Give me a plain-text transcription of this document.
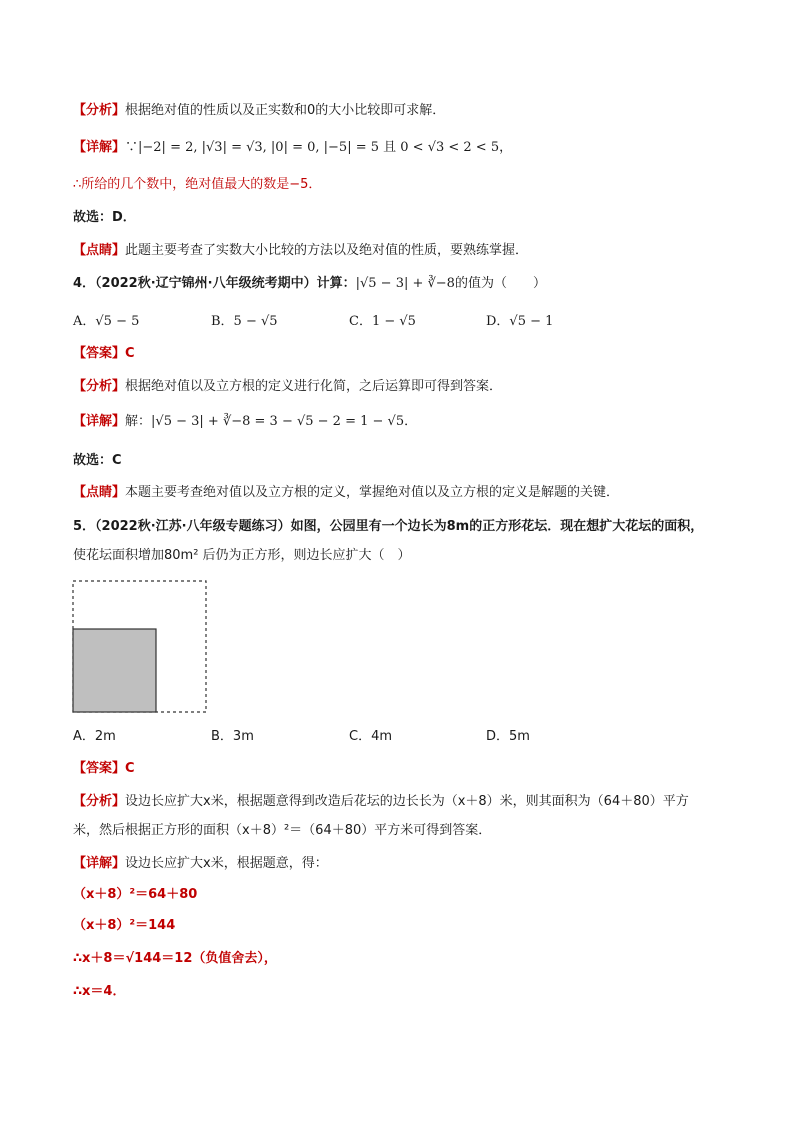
【分析】根据绝对值的性质以及正实数和0的大小比较即可求解．
【详解】∵|−2| = 2, |√3| = √3, |0| = 0, |−5| = 5 且 0 < √3 < 2 < 5，
∴所给的几个数中，绝对值最大的数是−5．
故选：D．
【点睛】此题主要考查了实数大小比较的方法以及绝对值的性质，要熟练掌握．
4．（2022秋·辽宁锦州·八年级统考期中）计算：|√5 − 3| + ∛−8的值为（　　）
A．√5 − 5	B．5 − √5	C．1 − √5	D．√5 − 1
【答案】C
【分析】根据绝对值以及立方根的定义进行化简，之后运算即可得到答案．
【详解】解：|√5 − 3| + ∛−8 = 3 − √5 − 2 = 1 − √5．
故选：C
【点睛】本题主要考查绝对值以及立方根的定义，掌握绝对值以及立方根的定义是解题的关键．
5．（2022秋·江苏·八年级专题练习）如图，公园里有一个边长为8m的正方形花坛．现在想扩大花坛的面积，
使花坛面积增加80m² 后仍为正方形，则边长应扩大（　）
A．2m	B．3m	C．4m	D．5m
【答案】C
【分析】设边长应扩大x米，根据题意得到改造后花坛的边长长为（x＋8）米，则其面积为（64＋80）平方
米，然后根据正方形的面积（x＋8）²＝（64＋80）平方米可得到答案．
【详解】设边长应扩大x米，根据题意，得：
（x＋8）²＝64＋80
（x＋8）²＝144
∴x＋8＝√144＝12（负值舍去），
∴x＝4．
